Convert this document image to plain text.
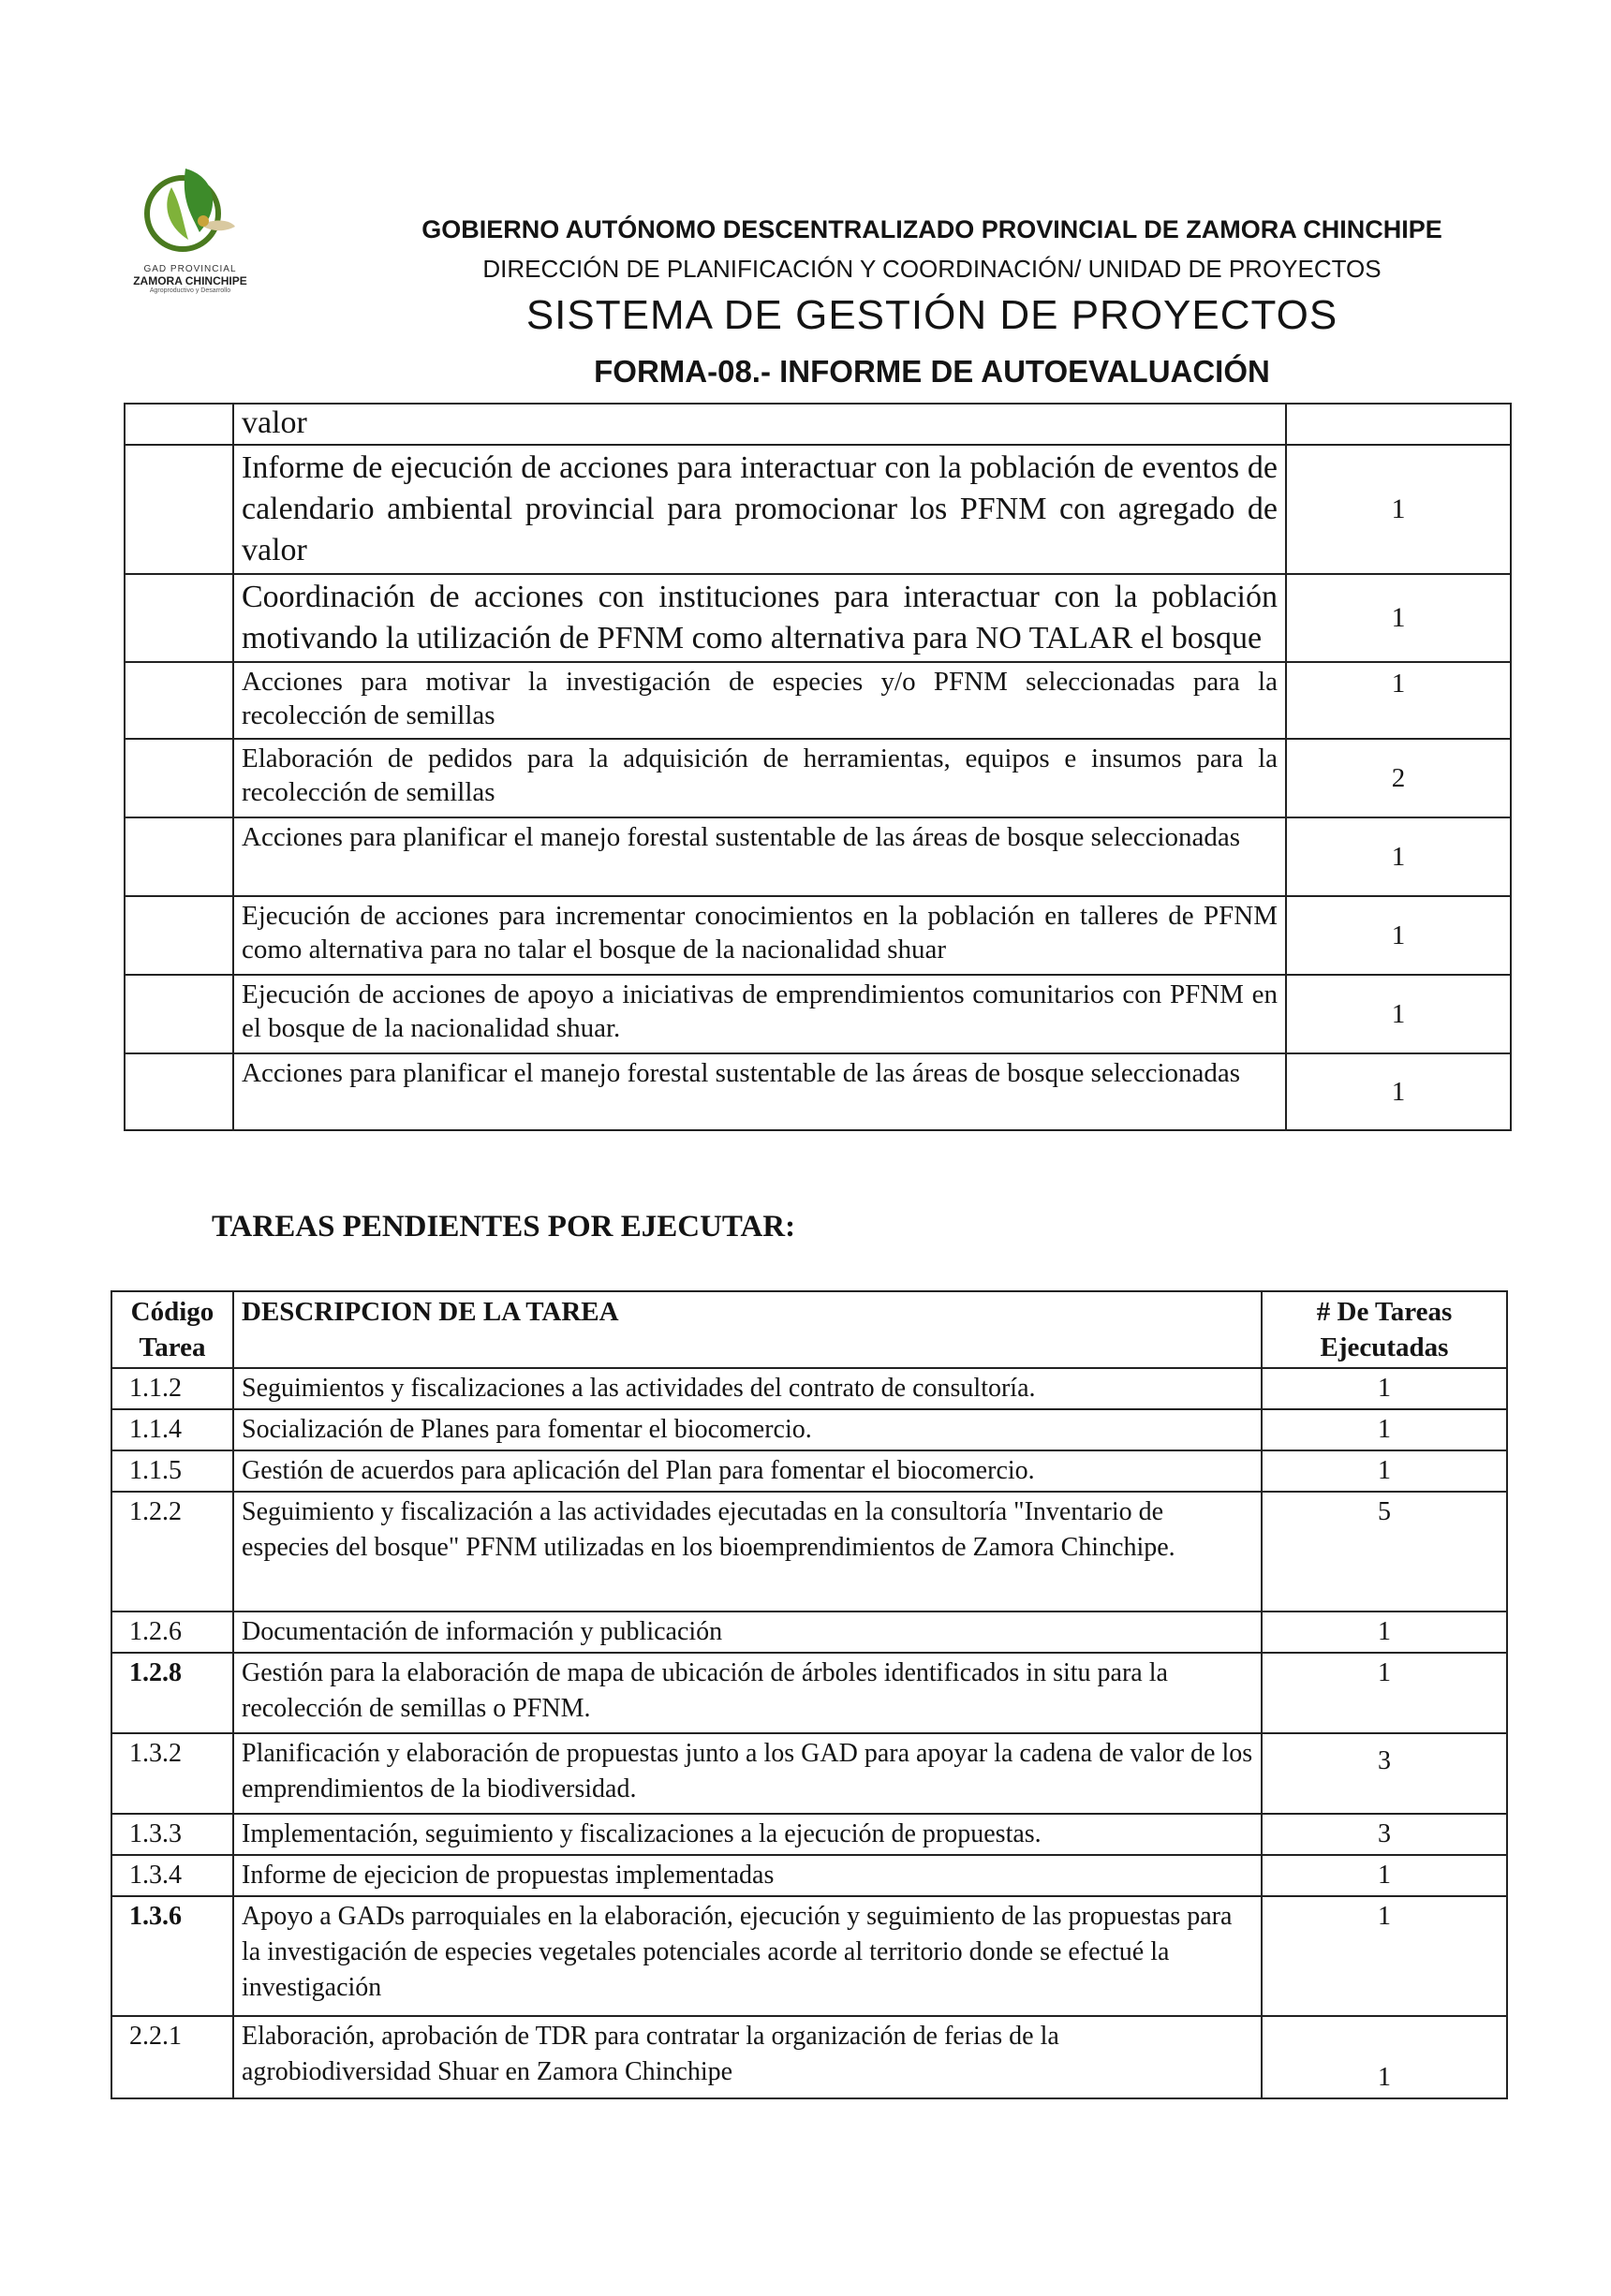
GAD PROVINCIAL
ZAMORA CHINCHIPE
Agroproductivo y Desarrollo
GOBIERNO AUTÓNOMO DESCENTRALIZADO PROVINCIAL DE ZAMORA CHINCHIPE
DIRECCIÓN DE PLANIFICACIÓN Y COORDINACIÓN/ UNIDAD DE PROYECTOS
SISTEMA DE GESTIÓN DE PROYECTOS
FORMA-08.- INFORME DE AUTOEVALUACIÓN
	valor	
	Informe de ejecución de acciones para interactuar con la población de eventos de calendario ambiental provincial para promocionar los PFNM con agregado de valor	1
	Coordinación de acciones con instituciones para interactuar con la población motivando la utilización de PFNM como alternativa para NO TALAR el bosque	1
	Acciones para motivar la investigación de especies y/o PFNM seleccionadas para la recolección de semillas	1
	Elaboración de pedidos para la adquisición de herramientas, equipos e insumos para la recolección de semillas	2
	Acciones para planificar el manejo forestal sustentable de las áreas de bosque seleccionadas	1
	Ejecución de acciones para incrementar conocimientos en la población en talleres de PFNM como alternativa para no talar el bosque de la nacionalidad shuar	1
	Ejecución de acciones de apoyo a iniciativas de emprendimientos comunitarios con PFNM en el bosque de la nacionalidad shuar.	1
	Acciones para planificar el manejo forestal sustentable de las áreas de bosque seleccionadas	1
TAREAS PENDIENTES POR EJECUTAR:
Código Tarea	DESCRIPCION DE LA TAREA	# De Tareas Ejecutadas
1.1.2	Seguimientos y fiscalizaciones a las actividades del contrato de consultoría.	1
1.1.4	Socialización de Planes para fomentar el biocomercio.	1
1.1.5	Gestión de acuerdos para aplicación del Plan para fomentar el biocomercio.	1
1.2.2	Seguimiento y fiscalización a las actividades ejecutadas en la consultoría "Inventario de especies del bosque" PFNM utilizadas en los bioemprendimientos de Zamora Chinchipe.	5
1.2.6	Documentación de información y publicación	1
1.2.8	Gestión para la elaboración de mapa de ubicación de árboles identificados in situ para la recolección de semillas o PFNM.	1
1.3.2	Planificación y elaboración de propuestas junto a los GAD para apoyar la cadena de valor de los emprendimientos de la biodiversidad.	3
1.3.3	Implementación, seguimiento y fiscalizaciones a la ejecución de propuestas.	3
1.3.4	Informe de ejecicion de propuestas implementadas	1
1.3.6	Apoyo a GADs parroquiales en la elaboración, ejecución y seguimiento de las propuestas para la investigación de especies vegetales potenciales acorde al territorio donde se efectué la investigación	1
2.2.1	Elaboración, aprobación de TDR para contratar la organización de ferias de la agrobiodiversidad Shuar en Zamora Chinchipe	1
